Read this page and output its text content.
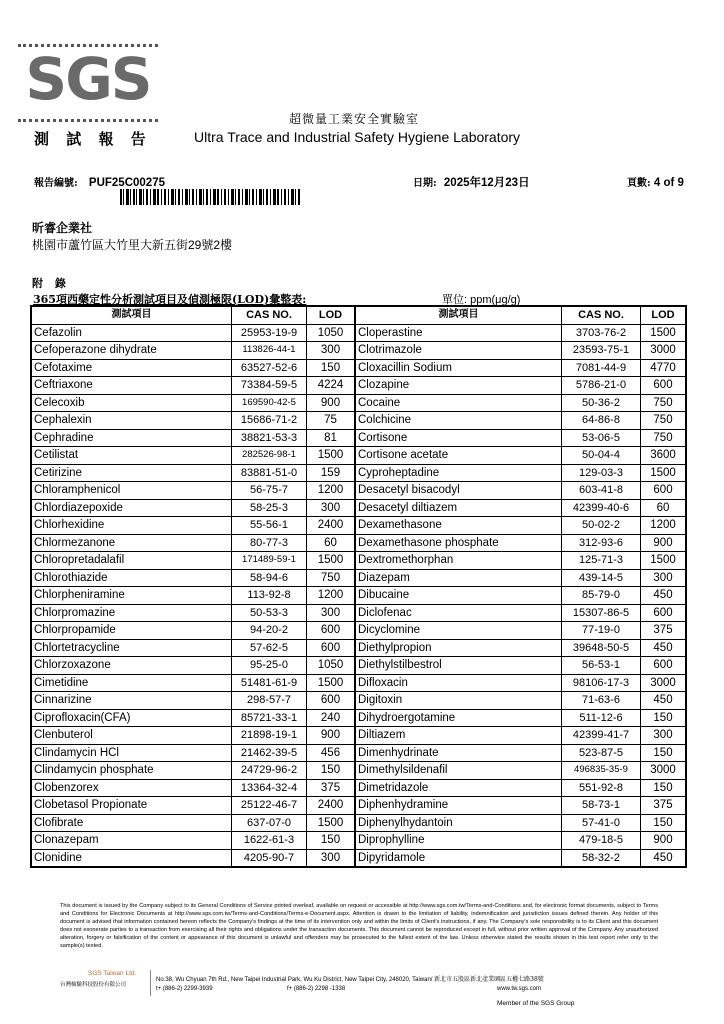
SGS
超微量工業安全實驗室
測 試 報 告	Ultra Trace and Industrial Safety Hygiene Laboratory
報告編號: PUF25C00275	日期: 2025年12月23日	頁數: 4 of 9
昕睿企業社
桃園市蘆竹區大竹里大新五街29號2樓
附 錄
365項西藥定性分析測試項目及偵測極限(LOD)彙整表:	單位: ppm(μg/g)
測試項目	CAS NO.	LOD
Cefazolin	25953-19-9	1050
Cefoperazone dihydrate	113826-44-1	300
Cefotaxime	63527-52-6	150
Ceftriaxone	73384-59-5	4224
Celecoxib	169590-42-5	900
Cephalexin	15686-71-2	75
Cephradine	38821-53-3	81
Cetilistat	282526-98-1	1500
Cetirizine	83881-51-0	159
Chloramphenicol	56-75-7	1200
Chlordiazepoxide	58-25-3	300
Chlorhexidine	55-56-1	2400
Chlormezanone	80-77-3	60
Chloropretadalafil	171489-59-1	1500
Chlorothiazide	58-94-6	750
Chlorpheniramine	113-92-8	1200
Chlorpromazine	50-53-3	300
Chlorpropamide	94-20-2	600
Chlortetracycline	57-62-5	600
Chlorzoxazone	95-25-0	1050
Cimetidine	51481-61-9	1500
Cinnarizine	298-57-7	600
Ciprofloxacin(CFA)	85721-33-1	240
Clenbuterol	21898-19-1	900
Clindamycin HCl	21462-39-5	456
Clindamycin phosphate	24729-96-2	150
Clobenzorex	13364-32-4	375
Clobetasol Propionate	25122-46-7	2400
Clofibrate	637-07-0	1500
Clonazepam	1622-61-3	150
Clonidine	4205-90-7	300
測試項目	CAS NO.	LOD
Cloperastine	3703-76-2	1500
Clotrimazole	23593-75-1	3000
Cloxacillin Sodium	7081-44-9	4770
Clozapine	5786-21-0	600
Cocaine	50-36-2	750
Colchicine	64-86-8	750
Cortisone	53-06-5	750
Cortisone acetate	50-04-4	3600
Cyproheptadine	129-03-3	1500
Desacetyl bisacodyl	603-41-8	600
Desacetyl diltiazem	42399-40-6	60
Dexamethasone	50-02-2	1200
Dexamethasone phosphate	312-93-6	900
Dextromethorphan	125-71-3	1500
Diazepam	439-14-5	300
Dibucaine	85-79-0	450
Diclofenac	15307-86-5	600
Dicyclomine	77-19-0	375
Diethylpropion	39648-50-5	450
Diethylstilbestrol	56-53-1	600
Difloxacin	98106-17-3	3000
Digitoxin	71-63-6	450
Dihydroergotamine	511-12-6	150
Diltiazem	42399-41-7	300
Dimenhydrinate	523-87-5	150
Dimethylsildenafil	496835-35-9	3000
Dimetridazole	551-92-8	150
Diphenhydramine	58-73-1	375
Diphenylhydantoin	57-41-0	150
Diprophylline	479-18-5	900
Dipyridamole	58-32-2	450
This document is issued by the Company subject to its General Conditions of Service printed overleaf, available on request or accessible at http://www.sgs.com.tw/Terms-and-Conditions and, for electronic format documents, subject to Terms and Conditions for Electronic Documents at http://www.sgs.com.tw/Terms-and-Conditions/Terms-e-Document.aspx. Attention is drawn to the limitation of liability, indemnification and jurisdiction issues defined therein. Any holder of this document is advised that information contained hereon reflects the Company's findings at the time of its intervention only and within the limits of Client's instructions, if any. The Company's sole responsibility is to its Client and this document does not exonerate parties to a transaction from exercising all their rights and obligations under the transaction documents. This document cannot be reproduced except in full, without prior written approval of the Company. Any unauthorized alteration, forgery or falsification of the content or appearance of this document is unlawful and offenders may be prosecuted to the fullest extent of the law. Unless otherwise stated the results shown in this test report refer only to the sample(s) tested.
SGS Taiwan Ltd.
台灣檢驗科技股份有限公司
No.38, Wu Chyuan 7th Rd., New Taipei Industrial Park, Wu Ku District, New Taipei City, 248020, Taiwan/ 新北市五股區新北產業園區五權七路38號
t+ (886-2) 2299-3939	f+ (886-2) 2298 -1338	www.tw.sgs.com
Member of the SGS Group
